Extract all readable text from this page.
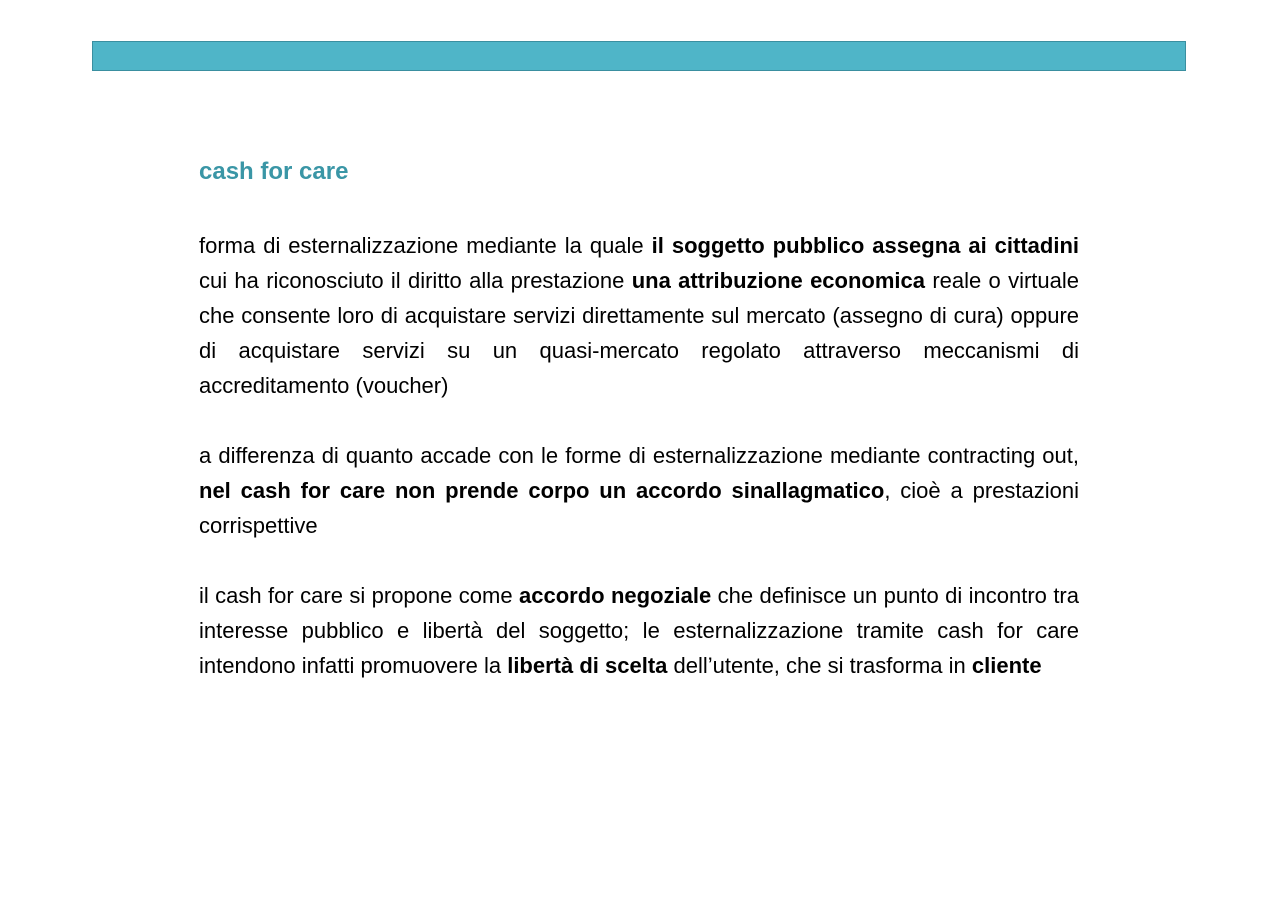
cash for care

forma di esternalizzazione mediante la quale il soggetto pubblico assegna ai cittadini cui ha riconosciuto il diritto alla prestazione una attribuzione economica reale o virtuale che consente loro di acquistare servizi direttamente sul mercato (assegno di cura) oppure di acquistare servizi su un quasi-mercato regolato attraverso meccanismi di accreditamento (voucher)

a differenza di quanto accade con le forme di esternalizzazione mediante contracting out, nel cash for care non prende corpo un accordo sinallagmatico, cioè a prestazioni corrispettive

il cash for care si propone come accordo negoziale che definisce un punto di incontro tra interesse pubblico e libertà del soggetto; le esternalizzazione tramite cash for care intendono infatti promuovere la libertà di scelta dell’utente, che si trasforma in cliente
